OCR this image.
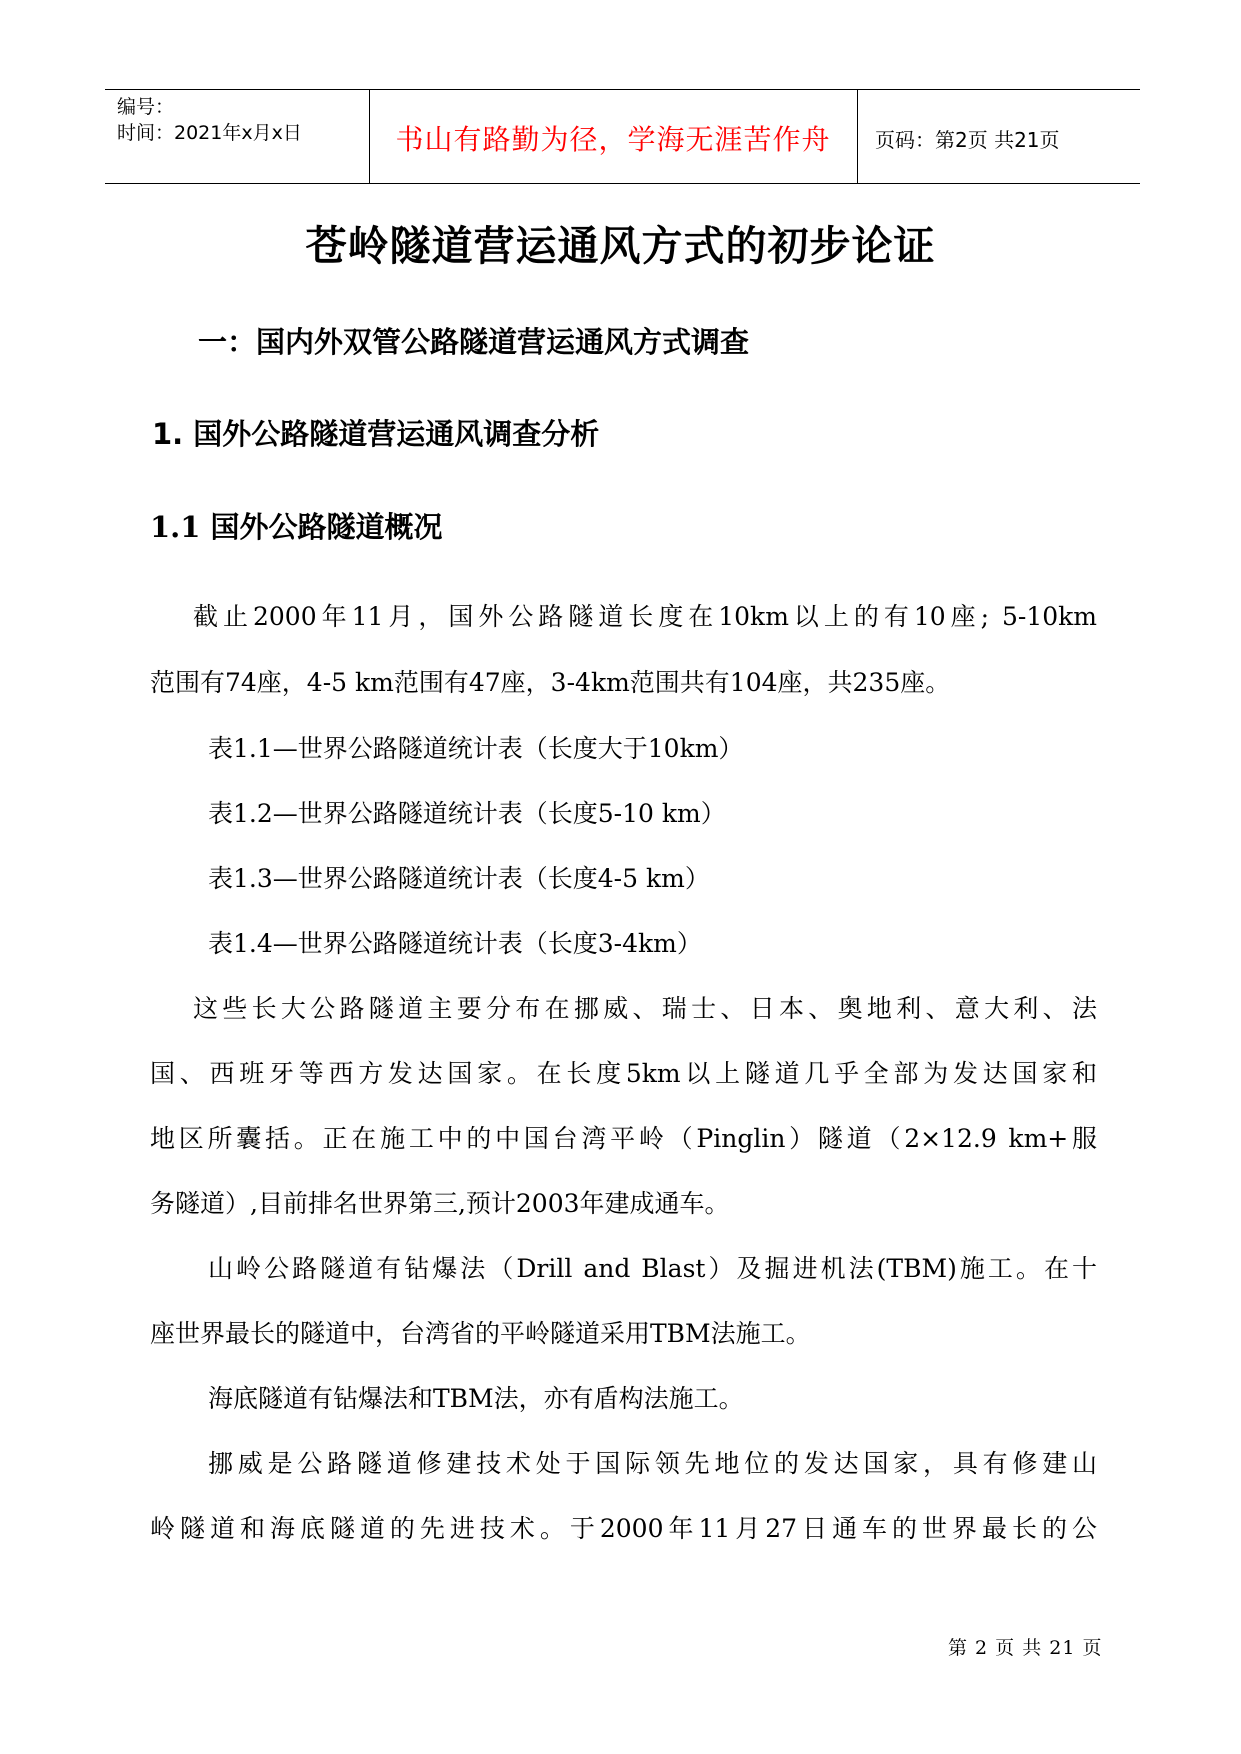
编号：
时间：2021年x月x日	书山有路勤为径，学海无涯苦作舟	页码：第2页 共21页
苍岭隧道营运通风方式的初步论证
一：国内外双管公路隧道营运通风方式调查
1. 国外公路隧道营运通风调查分析
1.1 国外公路隧道概况
截止2000年11月，国外公路隧道长度在10km以上的有10座; 5-10km
范围有74座，4-5 km范围有47座，3-4km范围共有104座，共235座。
表1.1—世界公路隧道统计表（长度大于10km）
表1.2—世界公路隧道统计表（长度5-10 km）
表1.3—世界公路隧道统计表（长度4-5 km）
表1.4—世界公路隧道统计表（长度3-4km）
这些长大公路隧道主要分布在挪威、瑞士、日本、奥地利、意大利、法
国、西班牙等西方发达国家。在长度5km以上隧道几乎全部为发达国家和
地区所囊括。正在施工中的中国台湾平岭（Pinglin）隧道（2×12.9 km+服
务隧道）,目前排名世界第三,预计2003年建成通车。
山岭公路隧道有钻爆法（Drill and Blast）及掘进机法(TBM)施工。在十
座世界最长的隧道中，台湾省的平岭隧道采用TBM法施工。
海底隧道有钻爆法和TBM法，亦有盾构法施工。
挪威是公路隧道修建技术处于国际领先地位的发达国家，具有修建山
岭隧道和海底隧道的先进技术。于2000年11月27日通车的世界最长的公
第 2 页 共 21 页
